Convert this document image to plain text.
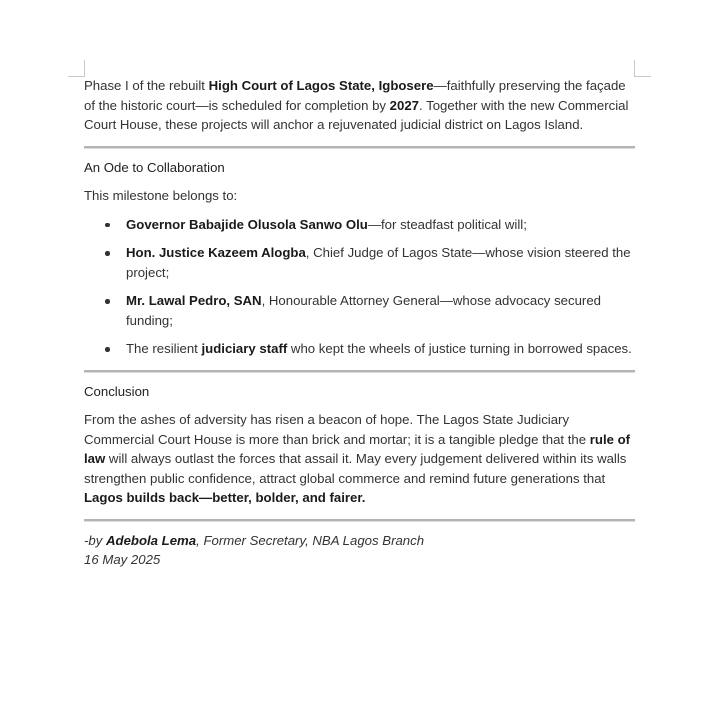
Phase I of the rebuilt High Court of Lagos State, Igbosere—faithfully preserving the façade of the historic court—is scheduled for completion by 2027. Together with the new Commercial Court House, these projects will anchor a rejuvenated judicial district on Lagos Island.

An Ode to Collaboration

This milestone belongs to:

Governor Babajide Olusola Sanwo Olu—for steadfast political will;
Hon. Justice Kazeem Alogba, Chief Judge of Lagos State—whose vision steered the project;
Mr. Lawal Pedro, SAN, Honourable Attorney General—whose advocacy secured funding;
The resilient judiciary staff who kept the wheels of justice turning in borrowed spaces.

Conclusion

From the ashes of adversity has risen a beacon of hope. The Lagos State Judiciary Commercial Court House is more than brick and mortar; it is a tangible pledge that the rule of law will always outlast the forces that assail it. May every judgement delivered within its walls strengthen public confidence, attract global commerce and remind future generations that Lagos builds back—better, bolder, and fairer.

-by Adebola Lema, Former Secretary, NBA Lagos Branch

16 May 2025
